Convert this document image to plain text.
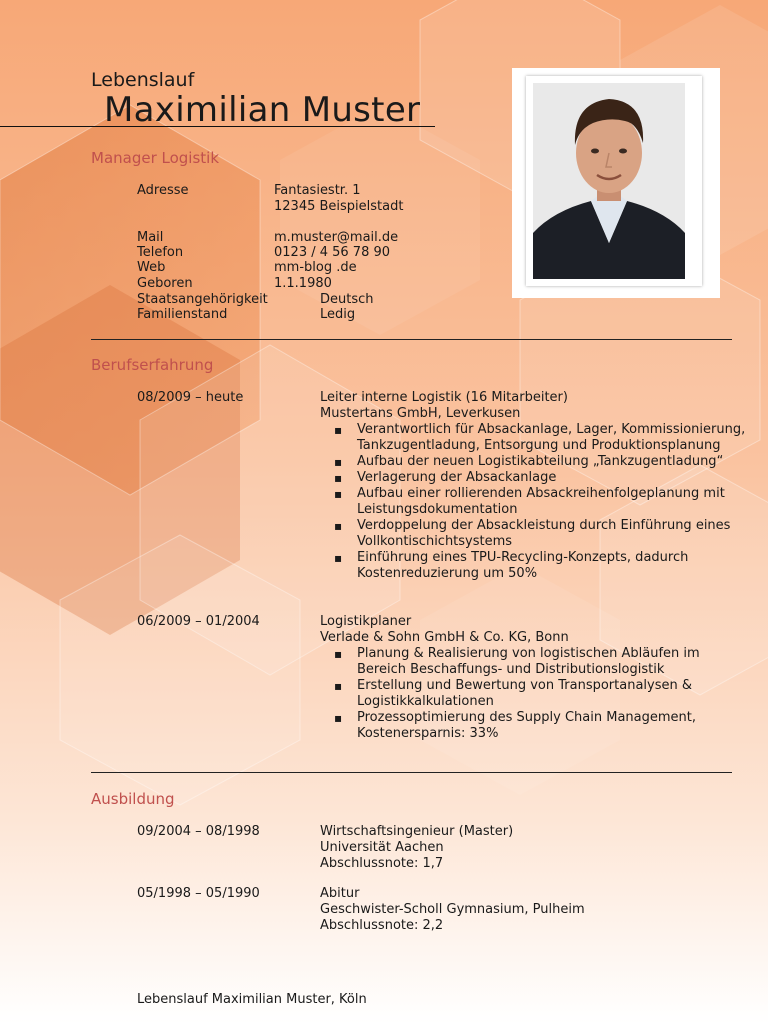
Lebenslauf
Maximilian Muster
Manager Logistik
Adresse	Fantasiestr. 1
12345 Beispielstadt
Mail	m.muster@mail.de
Telefon	0123 / 4 56 78 90
Web	mm-blog .de
Geboren	1.1.1980
Staatsangehörigkeit	Deutsch
Familienstand	Ledig
Berufserfahrung
08/2009 – heute	Leiter interne Logistik (16 Mitarbeiter)
Mustertans GmbH, Leverkusen
▪ Verantwortlich für Absackanlage, Lager, Kommissionierung, Tankzugentladung, Entsorgung und Produktionsplanung
▪ Aufbau der neuen Logistikabteilung „Tankzugentladung“
▪ Verlagerung der Absackanlage
▪ Aufbau einer rollierenden Absackreihenfolgeplanung mit Leistungsdokumentation
▪ Verdoppelung der Absackleistung durch Einführung eines Vollkontischichtsystems
▪ Einführung eines TPU-Recycling-Konzepts, dadurch Kostenreduzierung um 50%
06/2009 – 01/2004	Logistikplaner
Verlade & Sohn GmbH & Co. KG, Bonn
▪ Planung & Realisierung von logistischen Abläufen im Bereich Beschaffungs- und Distributionslogistik
▪ Erstellung und Bewertung von Transportanalysen & Logistikkalkulationen
▪ Prozessoptimierung des Supply Chain Management, Kostenersparnis: 33%
Ausbildung
09/2004 – 08/1998	Wirtschaftsingenieur (Master)
Universität Aachen
Abschlussnote: 1,7
05/1998 – 05/1990	Abitur
Geschwister-Scholl Gymnasium, Pulheim
Abschlussnote: 2,2
Lebenslauf Maximilian Muster, Köln
